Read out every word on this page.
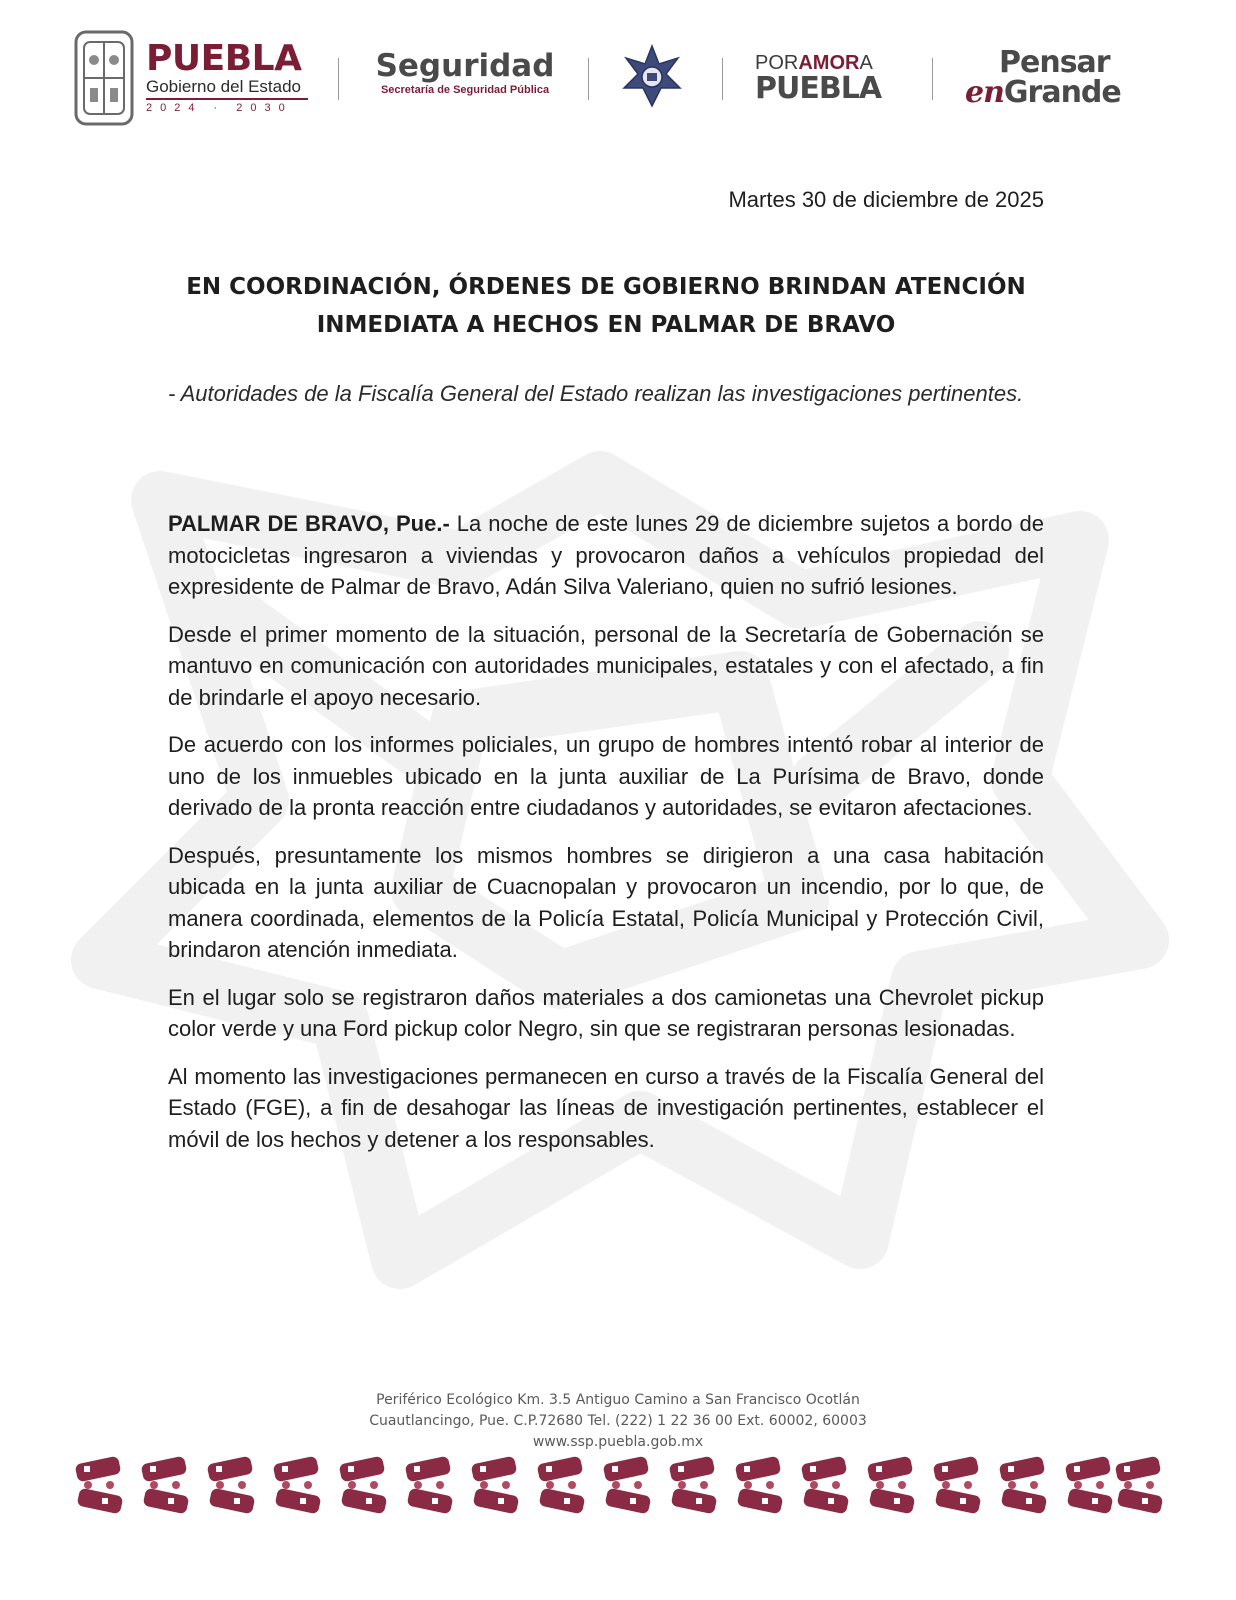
PUEBLA
Gobierno del Estado
2024 · 2030
Seguridad
Secretaría de Seguridad Pública
PORAMORA
PUEBLA
Pensar
enGrande
Martes 30 de diciembre de 2025
EN COORDINACIÓN, ÓRDENES DE GOBIERNO BRINDAN ATENCIÓN
INMEDIATA A HECHOS EN PALMAR DE BRAVO
- Autoridades de la Fiscalía General del Estado realizan las investigaciones pertinentes.

PALMAR DE BRAVO, Pue.- La noche de este lunes 29 de diciembre sujetos a bordo de motocicletas ingresaron a viviendas y provocaron daños a vehículos propiedad del expresidente de Palmar de Bravo, Adán Silva Valeriano, quien no sufrió lesiones.

Desde el primer momento de la situación, personal de la Secretaría de Gobernación se mantuvo en comunicación con autoridades municipales, estatales y con el afectado, a fin de brindarle el apoyo necesario.

De acuerdo con los informes policiales, un grupo de hombres intentó robar al interior de uno de los inmuebles ubicado en la junta auxiliar de La Purísima de Bravo, donde derivado de la pronta reacción entre ciudadanos y autoridades, se evitaron afectaciones.

Después, presuntamente los mismos hombres se dirigieron a una casa habitación ubicada en la junta auxiliar de Cuacnopalan y provocaron un incendio, por lo que, de manera coordinada, elementos de la Policía Estatal, Policía Municipal y Protección Civil, brindaron atención inmediata.

En el lugar solo se registraron daños materiales a dos camionetas una Chevrolet pickup color verde y una Ford pickup color Negro, sin que se registraran personas lesionadas.

Al momento las investigaciones permanecen en curso a través de la Fiscalía General del Estado (FGE), a fin de desahogar las líneas de investigación pertinentes, establecer el móvil de los hechos y detener a los responsables.

Periférico Ecológico Km. 3.5 Antiguo Camino a San Francisco Ocotlán
Cuautlancingo, Pue. C.P.72680 Tel. (222) 1 22 36 00 Ext. 60002, 60003
www.ssp.puebla.gob.mx
